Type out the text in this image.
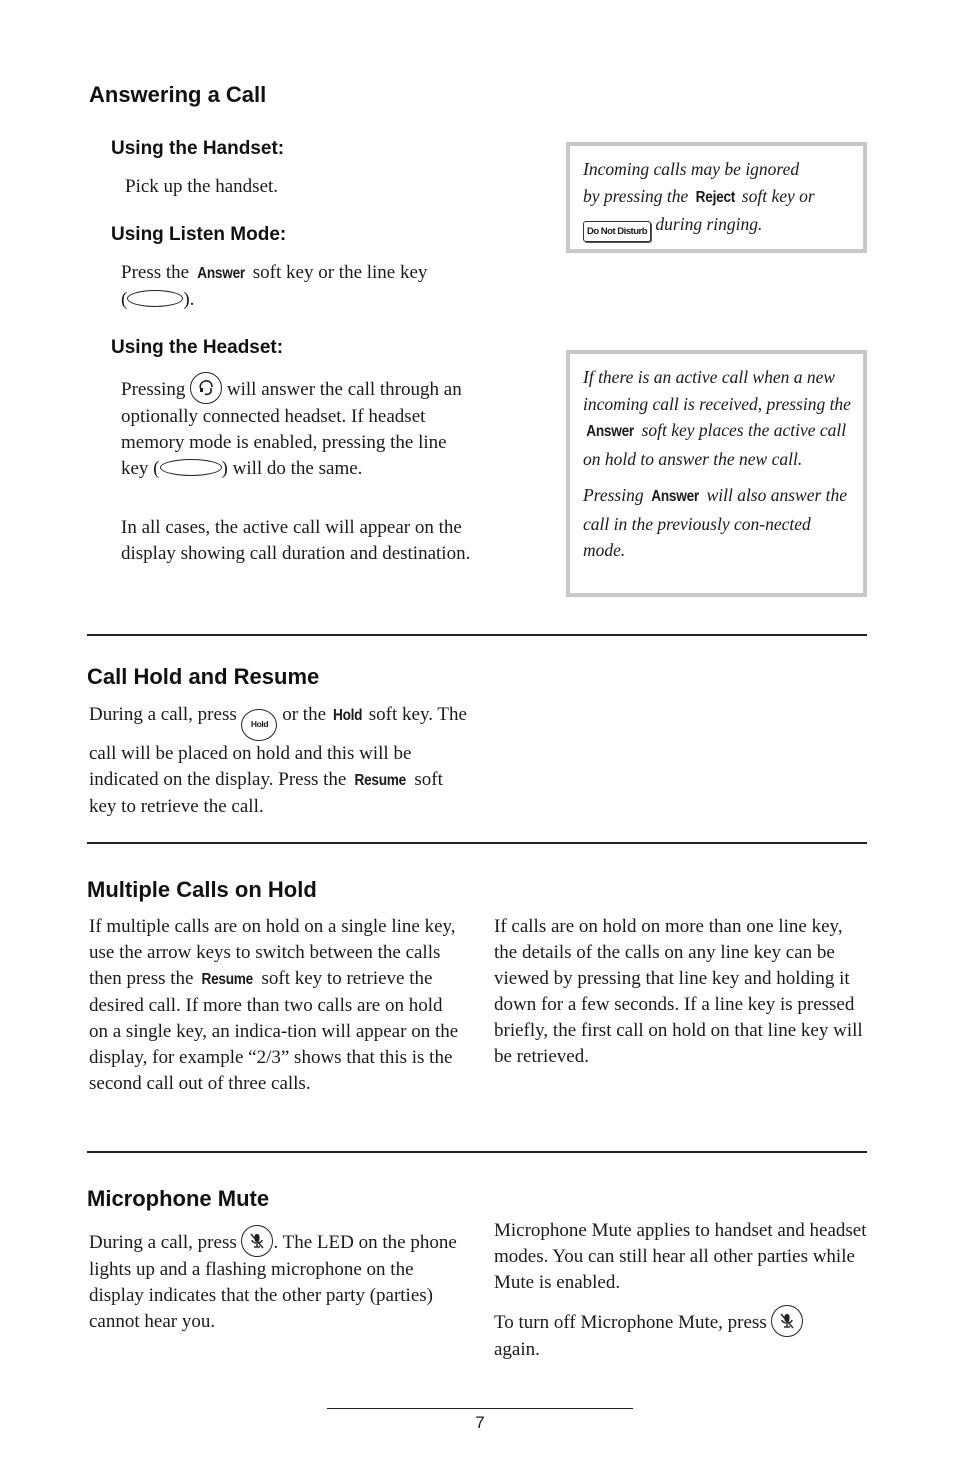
Answering a Call
Using the Handset:

Pick up the handset.

Using Listen Mode:

Press the Answer soft key or the line key
(	).

Using the Headset:

Pressing
will answer the call through an optionally connected headset. If headset memory mode is enabled, pressing the line key (	) will do the same.

In all cases, the active call will appear on the display showing call duration and destination.

Incoming calls may be ignored
by pressing the Reject soft key or
Do Not Disturb during ringing.
If there is an active call when a new incoming call is received, pressing the Answer soft key places the active call on hold to answer the new call.
Pressing Answer will also answer the call in the previously con-nected mode.
Call Hold and Resume

During a call, press Hold or the Hold soft key. The call will be placed on hold and this will be indicated on the display. Press the Resume soft key to retrieve the call.

Multiple Calls on Hold

If multiple calls are on hold on a single line key, use the arrow keys to switch between the calls then press the Resume soft key to retrieve the desired call. If more than two calls are on hold on a single key, an indica-tion will appear on the display, for example “2/3” shows that this is the second call out of three calls.

If calls are on hold on more than one line key, the details of the calls on any line key can be viewed by pressing that line key and holding it down for a few seconds. If a line key is pressed briefly, the first call on hold on that line key will be retrieved.

Microphone Mute

During a call, press
. The LED on the phone lights up and a flashing microphone on the display indicates that the other party (parties) cannot hear you.

Microphone Mute applies to handset and headset modes. You can still hear all other parties while Mute is enabled.

To turn off Microphone Mute, press

again.

7
